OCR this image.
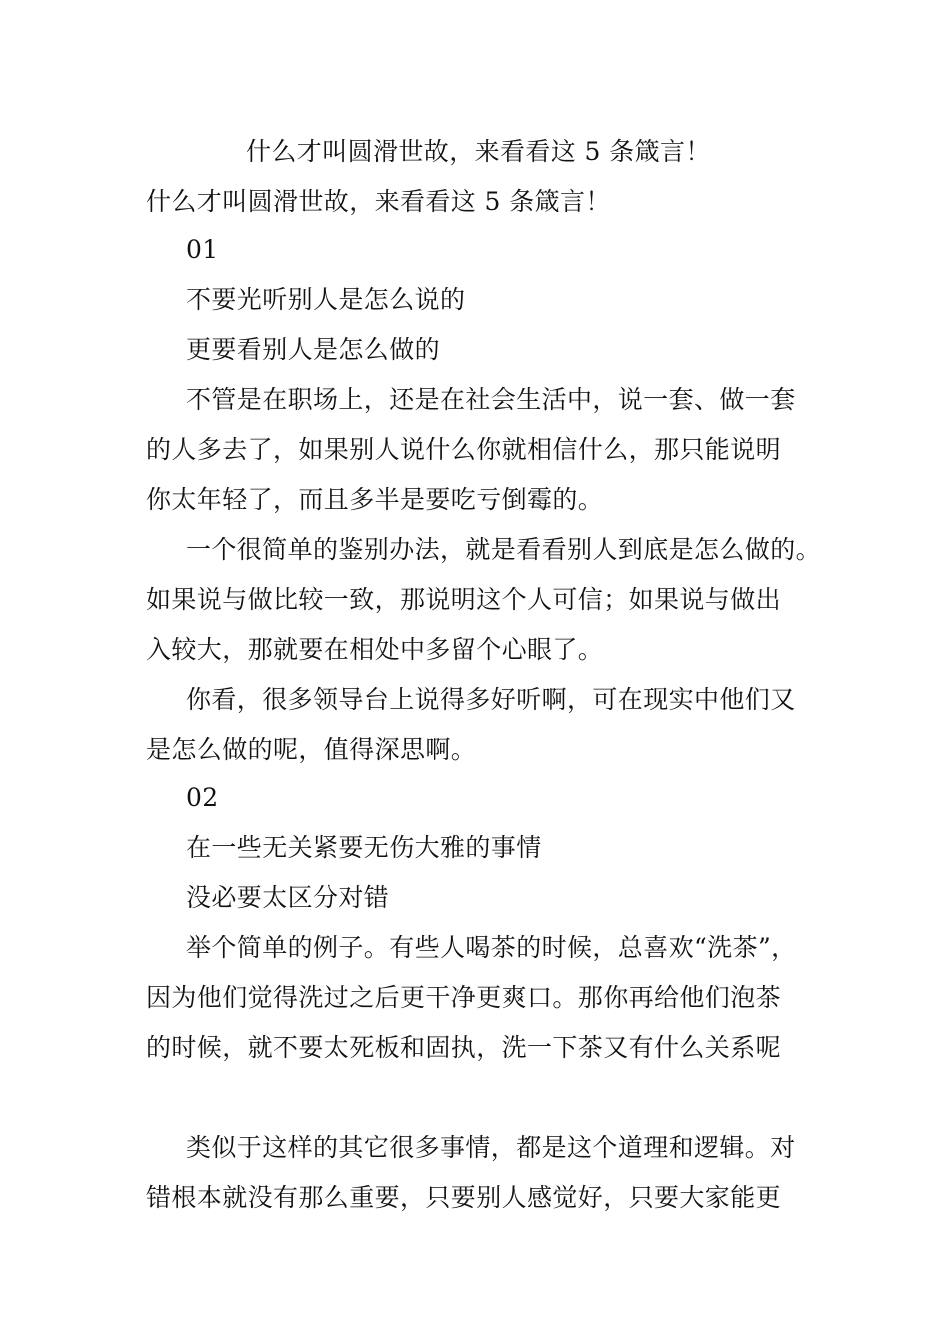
什么才叫圆滑世故，来看看这 5 条箴言！
什么才叫圆滑世故，来看看这 5 条箴言！
01
不要光听别人是怎么说的
更要看别人是怎么做的
不管是在职场上，还是在社会生活中，说一套、做一套
的人多去了，如果别人说什么你就相信什么，那只能说明
你太年轻了，而且多半是要吃亏倒霉的。
一个很简单的鉴别办法，就是看看别人到底是怎么做的。
如果说与做比较一致，那说明这个人可信；如果说与做出
入较大，那就要在相处中多留个心眼了。
你看，很多领导台上说得多好听啊，可在现实中他们又
是怎么做的呢，值得深思啊。
02
在一些无关紧要无伤大雅的事情
没必要太区分对错
举个简单的例子。有些人喝茶的时候，总喜欢“洗茶”，
因为他们觉得洗过之后更干净更爽口。那你再给他们泡茶
的时候，就不要太死板和固执，洗一下茶又有什么关系呢
类似于这样的其它很多事情，都是这个道理和逻辑。对
错根本就没有那么重要，只要别人感觉好，只要大家能更
